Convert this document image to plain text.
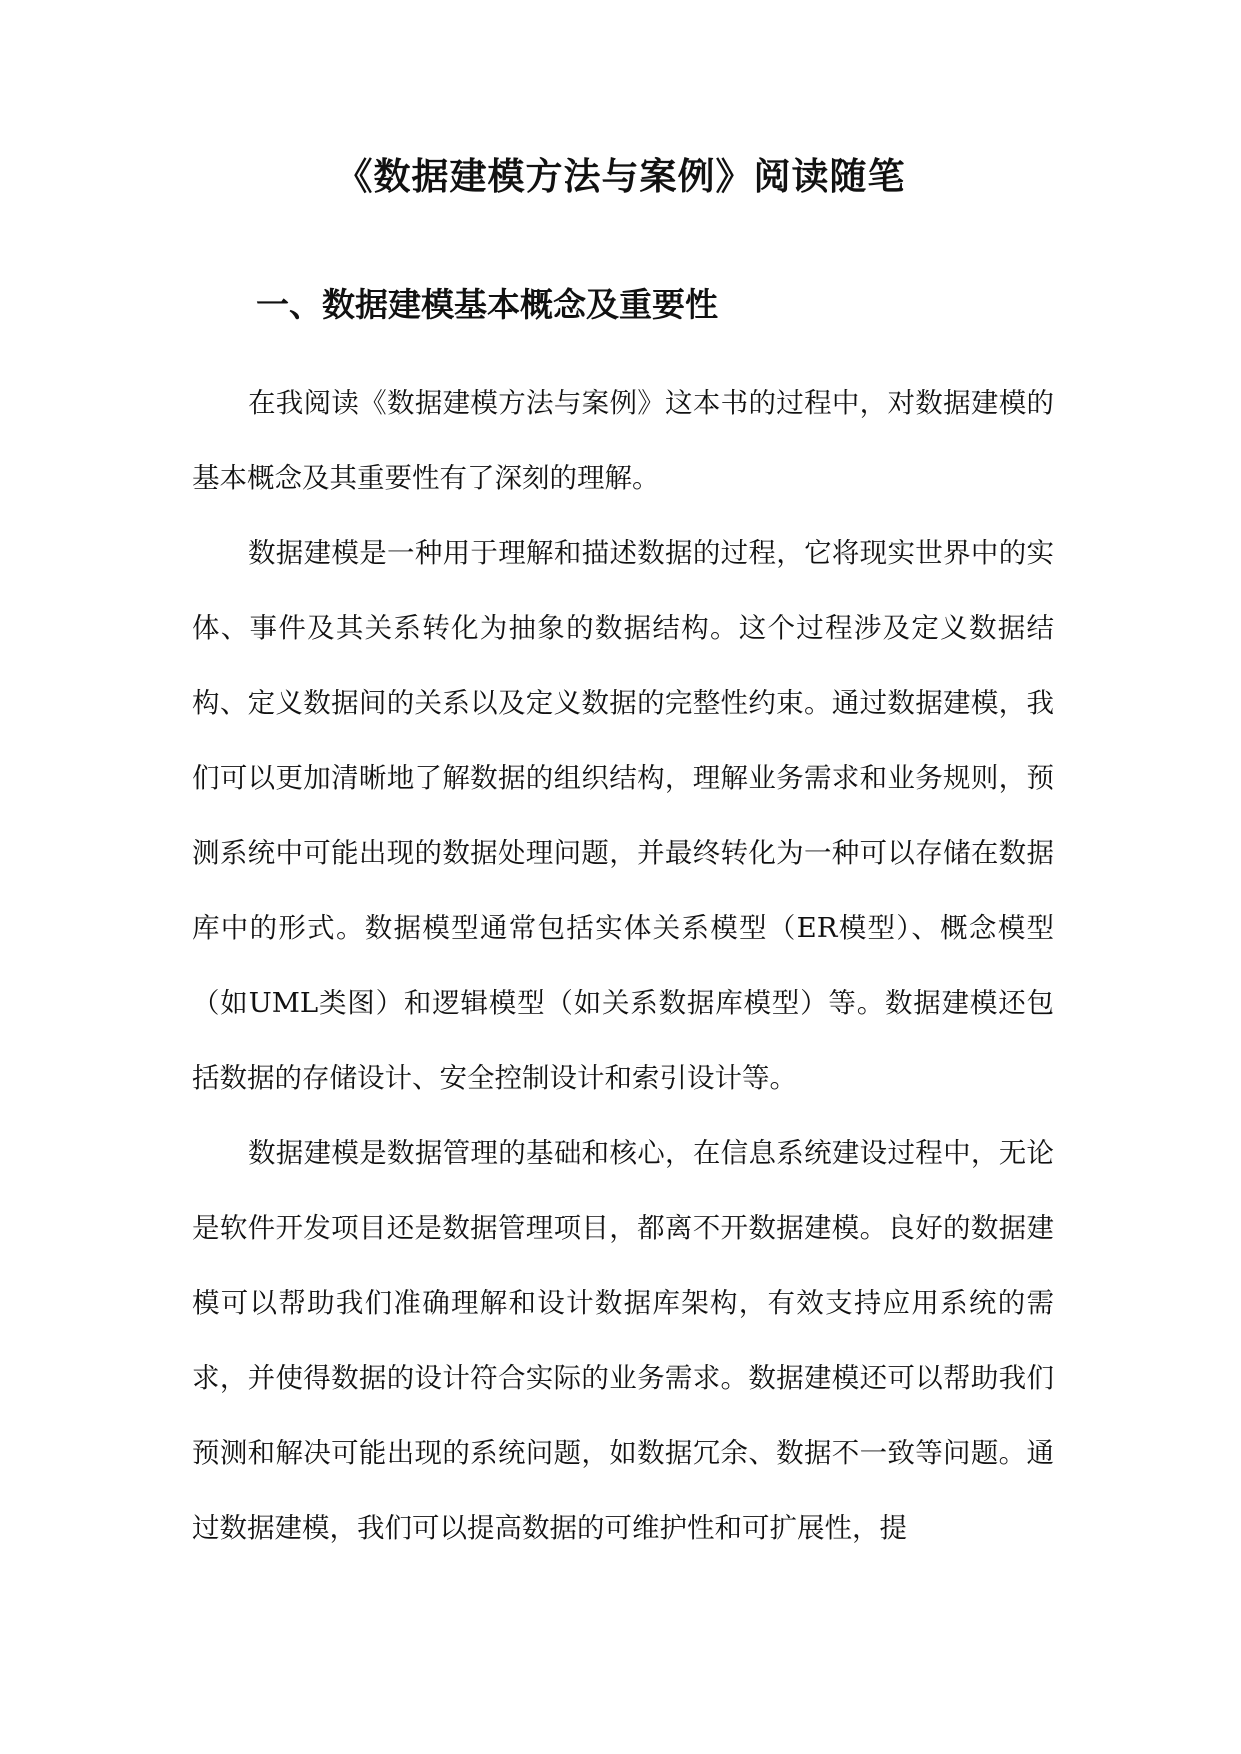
《数据建模方法与案例》阅读随笔
一、数据建模基本概念及重要性

在我阅读《数据建模方法与案例》这本书的过程中，对数据建模的基本概念及其重要性有了深刻的理解。

数据建模是一种用于理解和描述数据的过程，它将现实世界中的实体、事件及其关系转化为抽象的数据结构。这个过程涉及定义数据结构、定义数据间的关系以及定义数据的完整性约束。通过数据建模，我们可以更加清晰地了解数据的组织结构，理解业务需求和业务规则，预测系统中可能出现的数据处理问题，并最终转化为一种可以存储在数据库中的形式。数据模型通常包括实体关系模型（ER模型）、概念模型（如UML类图）和逻辑模型（如关系数据库模型）等。数据建模还包括数据的存储设计、安全控制设计和索引设计等。

数据建模是数据管理的基础和核心，在信息系统建设过程中，无论是软件开发项目还是数据管理项目，都离不开数据建模。良好的数据建模可以帮助我们准确理解和设计数据库架构，有效支持应用系统的需求，并使得数据的设计符合实际的业务需求。数据建模还可以帮助我们预测和解决可能出现的系统问题，如数据冗余、数据不一致等问题。通过数据建模，我们可以提高数据的可维护性和可扩展性，提
